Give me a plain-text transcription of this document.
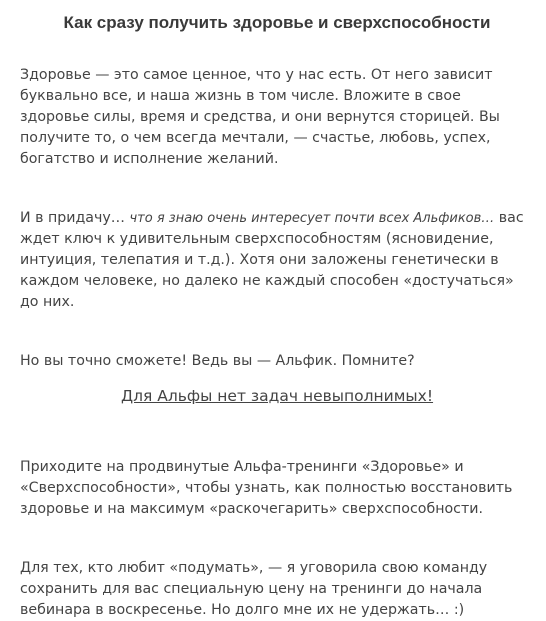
Как сразу получить здоровье и сверхспособности

Здоровье — это самое ценное, что у нас есть. От него зависит буквально все, и наша жизнь в том числе. Вложите в свое здоровье силы, время и средства, и они вернутся сторицей. Вы получите то, о чем всегда мечтали, — счастье, любовь, успех, богатство и исполнение желаний.

И в придачу… что я знаю очень интересует почти всех Альфиков… вас ждет ключ к удивительным сверхспособностям (ясновидение, интуиция, телепатия и т.д.). Хотя они заложены генетически в каждом человеке, но далеко не каждый способен «достучаться» до них.

Но вы точно сможете! Ведь вы — Альфик. Помните?

Для Альфы нет задач невыполнимых!

Приходите на продвинутые Альфа-тренинги «Здоровье» и «Сверхспособности», чтобы узнать, как полностью восстановить здоровье и на максимум «раскочегарить» сверхспособности.

Для тех, кто любит «подумать», — я уговорила свою команду сохранить для вас специальную цену на тренинги до начала вебинара в воскресенье. Но долго мне их не удержать… :)
